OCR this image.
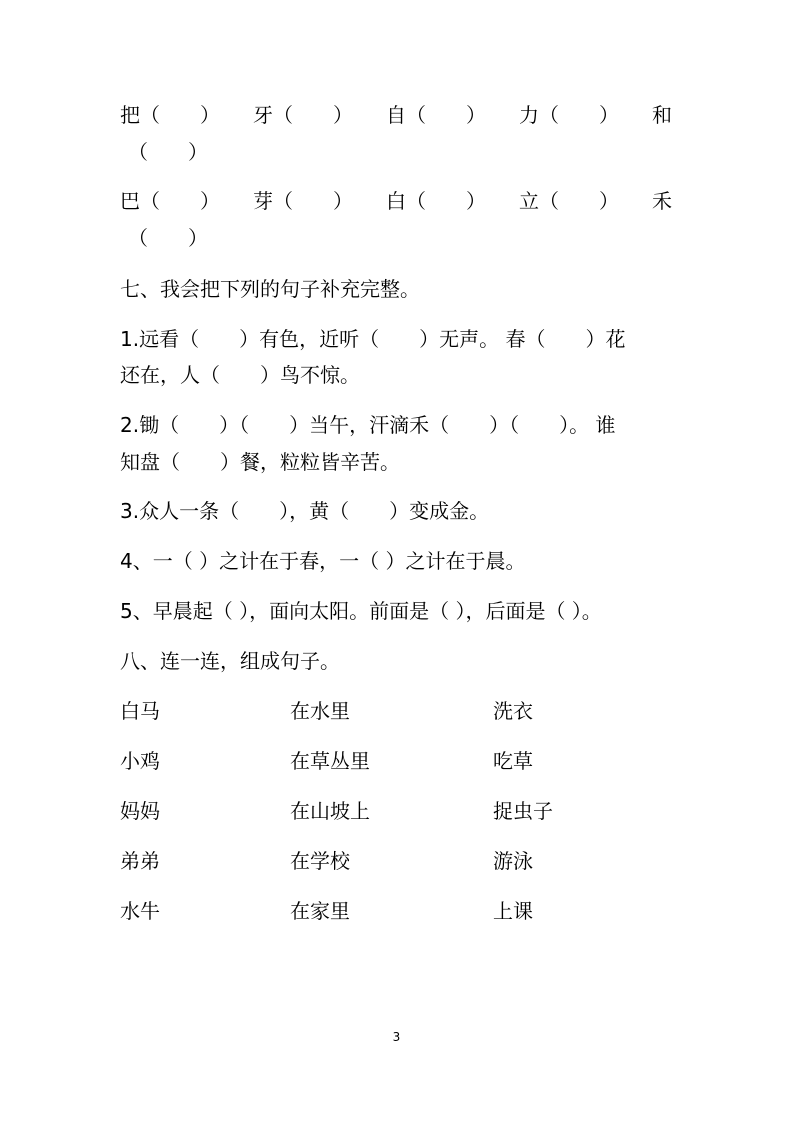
把（　　） 牙（　　） 自（　　） 力（　　） 和
（　　）
巴（　　） 芽（　　） 白（　　） 立（　　） 禾
（　　）
七、我会把下列的句子补充完整。
1.远看（　　）有色，近听（　　）无声。 春（　　）花
还在，人（　　）鸟不惊。
2.锄（　　）（　　）当午，汗滴禾（　　）（　　）。 谁
知盘（　　）餐，粒粒皆辛苦。
3.众人一条（　　），黄（　　）变成金。
4、一（ ）之计在于春，一（ ）之计在于晨。
5、早晨起（ ），面向太阳。前面是（ ），后面是（ ）。
八、连一连，组成句子。
白马	在水里	洗衣
小鸡	在草丛里	吃草
妈妈	在山坡上	捉虫子
弟弟	在学校	游泳
水牛	在家里	上课
3
